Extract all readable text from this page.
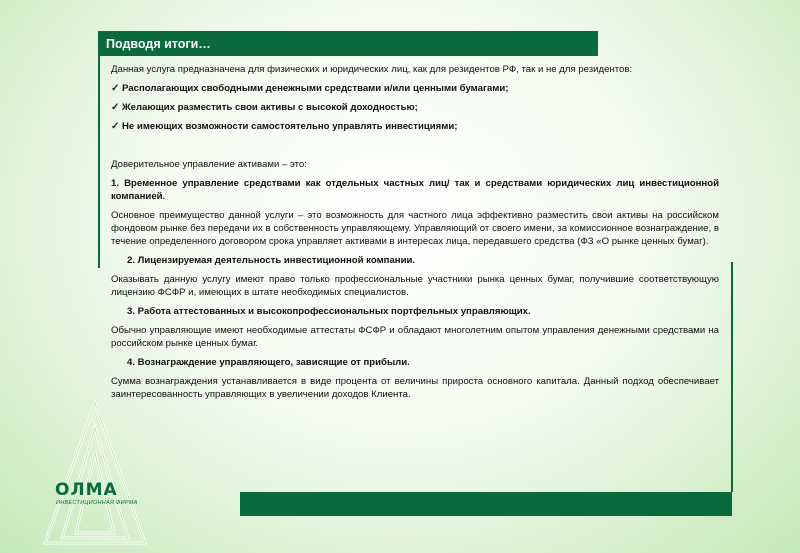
Подводя итоги…

Данная услуга предназначена для физических и юридических лиц, как для резидентов РФ, так и не для резидентов:

✓ Располагающих свободными денежными средствами и/или ценными бумагами;

✓ Желающих разместить свои активы с высокой доходностью;

✓ Не имеющих возможности самостоятельно управлять инвестициями;

Доверительное управление активами – это:

1. Временное управление средствами как отдельных частных лиц/ так и средствами юридических лиц инвестиционной компанией.

Основное преимущество данной услуги – это возможность для частного лица эффективно разместить свои активы на российском фондовом рынке без передачи их в собственность управляющему. Управляющий от своего имени, за комиссионное вознаграждение, в течение определенного договором срока управляет активами в интересах лица, передавшего средства (ФЗ «О рынке ценных бумаг).

2. Лицензируемая деятельность инвестиционной компании.

Оказывать данную услугу имеют право только профессиональные участники рынка ценных бумаг, получившие соответствующую лицензию ФСФР и, имеющих в штате необходимых специалистов.

3. Работа аттестованных и высокопрофессиональных портфельных управляющих.

Обычно управляющие имеют необходимые аттестаты ФСФР и обладают многолетним опытом управления денежными средствами на российском рынке ценных бумаг.

4. Вознаграждение управляющего, зависящие от прибыли.

Сумма вознаграждения устанавливается в виде процента от величины прироста основного капитала. Данный подход обеспечивает заинтересованность управляющих в увеличении доходов Клиента.

ОЛМА
ИНВЕСТИЦИОННАЯ ФИРМА
